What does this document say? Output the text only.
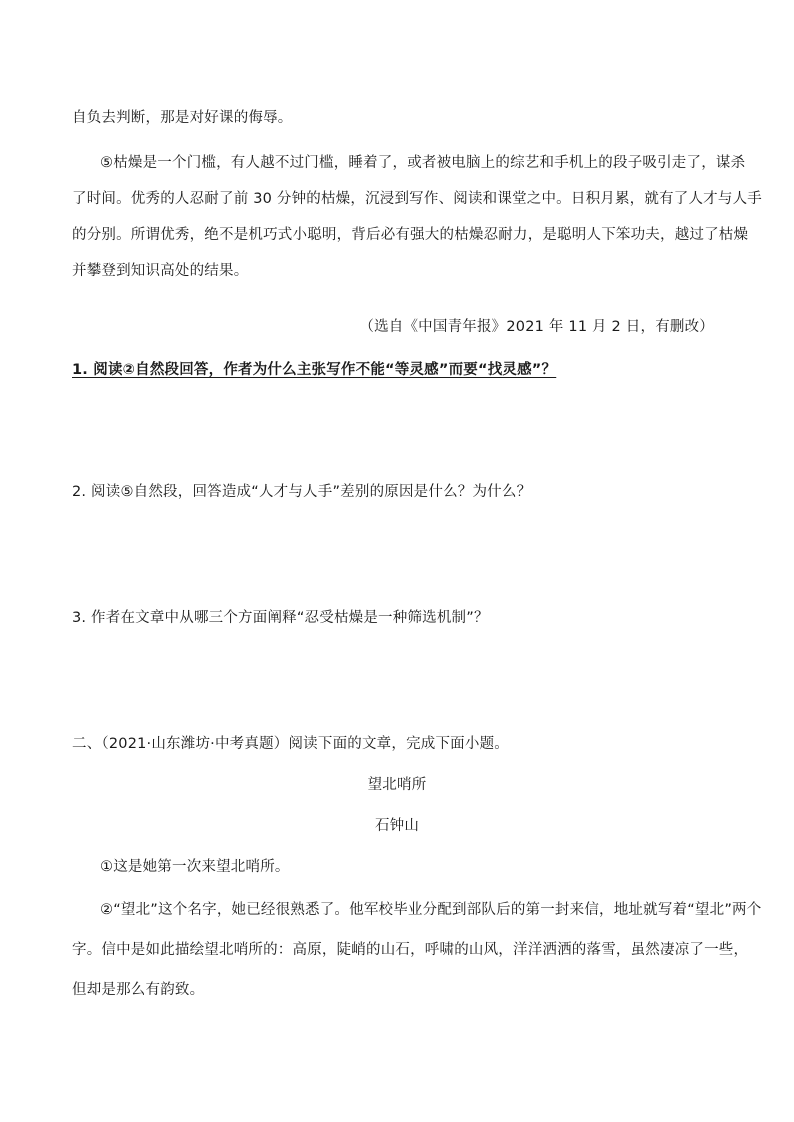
自负去判断，那是对好课的侮辱。
⑤枯燥是一个门槛，有人越不过门槛，睡着了，或者被电脑上的综艺和手机上的段子吸引走了，谋杀
了时间。优秀的人忍耐了前 30 分钟的枯燥，沉浸到写作、阅读和课堂之中。日积月累，就有了人才与人手
的分别。所谓优秀，绝不是机巧式小聪明，背后必有强大的枯燥忍耐力，是聪明人下笨功夫，越过了枯燥
并攀登到知识高处的结果。
（选自《中国青年报》2021 年 11 月 2 日，有删改）
1. 阅读②自然段回答，作者为什么主张写作不能“等灵感”而要“找灵感”？
2. 阅读⑤自然段，回答造成“人才与人手”差别的原因是什么？为什么？
3. 作者在文章中从哪三个方面阐释“忍受枯燥是一种筛选机制”？
二、（2021·山东潍坊·中考真题）阅读下面的文章，完成下面小题。
望北哨所
石钟山
①这是她第一次来望北哨所。
②“望北”这个名字，她已经很熟悉了。他军校毕业分配到部队后的第一封来信，地址就写着“望北”两个
字。信中是如此描绘望北哨所的：高原，陡峭的山石，呼啸的山风，洋洋洒洒的落雪，虽然凄凉了一些，
但却是那么有韵致。
